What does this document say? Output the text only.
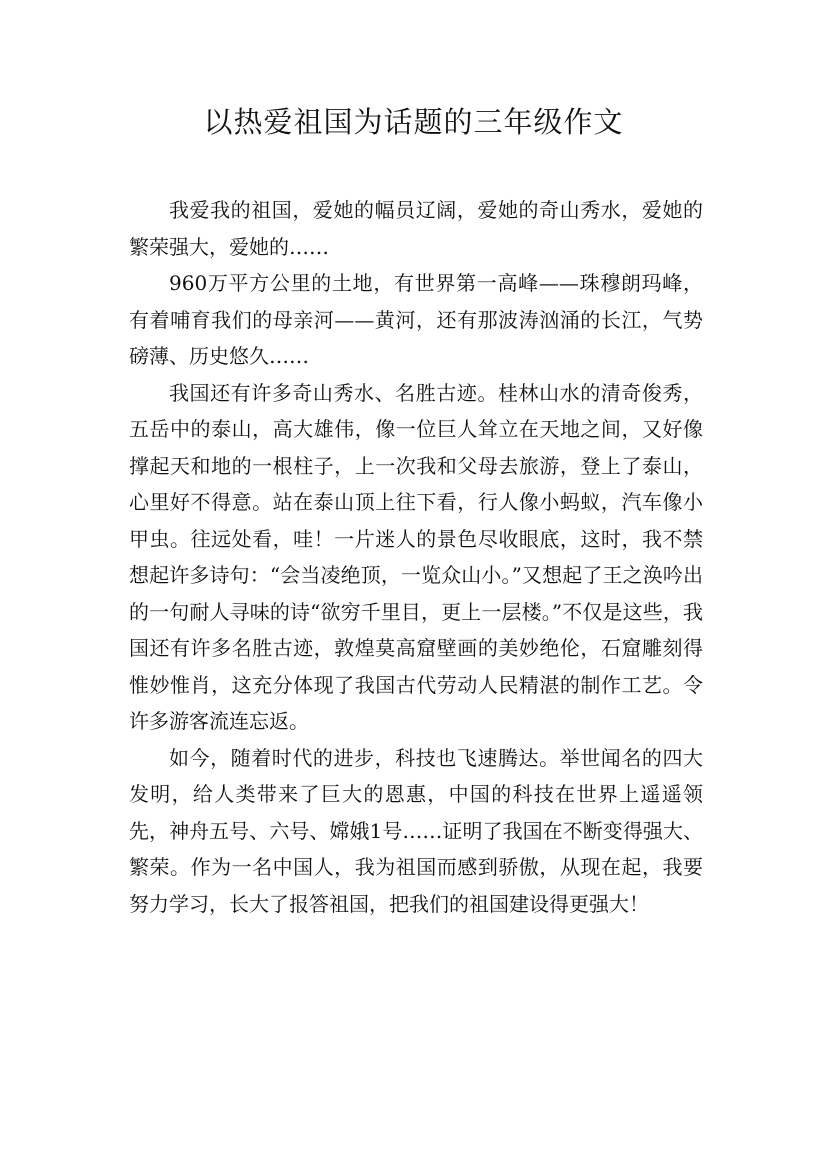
以热爱祖国为话题的三年级作文

我爱我的祖国，爱她的幅员辽阔，爱她的奇山秀水，爱她的繁荣强大，爱她的……

960万平方公里的土地，有世界第一高峰——珠穆朗玛峰，有着哺育我们的母亲河——黄河，还有那波涛汹涌的长江，气势磅薄、历史悠久……

我国还有许多奇山秀水、名胜古迹。桂林山水的清奇俊秀，五岳中的泰山，高大雄伟，像一位巨人耸立在天地之间，又好像撑起天和地的一根柱子，上一次我和父母去旅游，登上了泰山，心里好不得意。站在泰山顶上往下看，行人像小蚂蚁，汽车像小甲虫。往远处看，哇！一片迷人的景色尽收眼底，这时，我不禁想起许多诗句：“会当凌绝顶，一览众山小。”又想起了王之涣吟出的一句耐人寻味的诗“欲穷千里目，更上一层楼。”不仅是这些，我国还有许多名胜古迹，敦煌莫高窟壁画的美妙绝伦，石窟雕刻得惟妙惟肖，这充分体现了我国古代劳动人民精湛的制作工艺。令许多游客流连忘返。

如今，随着时代的进步，科技也飞速腾达。举世闻名的四大发明，给人类带来了巨大的恩惠，中国的科技在世界上遥遥领先，神舟五号、六号、嫦娥1号……证明了我国在不断变得强大、繁荣。作为一名中国人，我为祖国而感到骄傲，从现在起，我要努力学习，长大了报答祖国，把我们的祖国建设得更强大！
